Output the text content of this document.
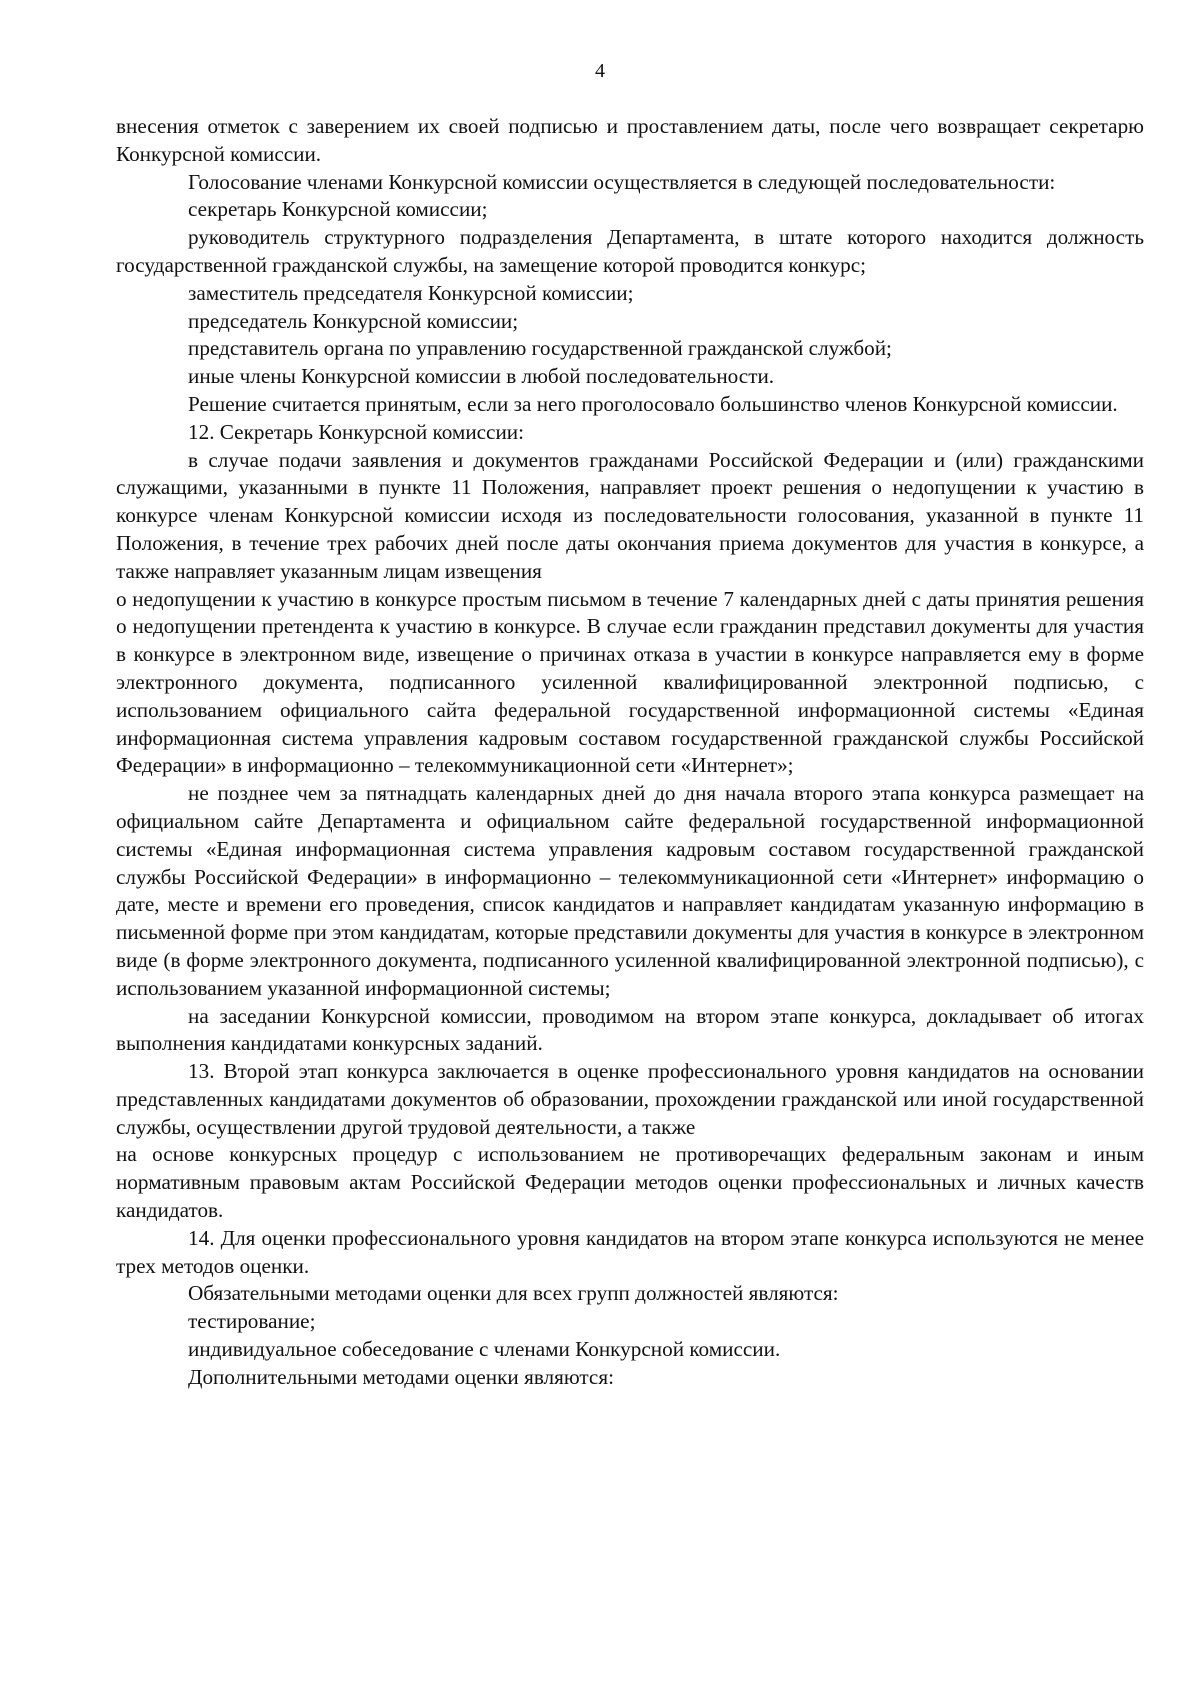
4

внесения отметок с заверением их своей подписью и проставлением даты, после чего возвращает секретарю Конкурсной комиссии.

Голосование членами Конкурсной комиссии осуществляется в следующей последовательности:

секретарь Конкурсной комиссии;

руководитель структурного подразделения Департамента, в штате которого находится должность государственной гражданской службы, на замещение которой проводится конкурс;

заместитель председателя Конкурсной комиссии;

председатель Конкурсной комиссии;

представитель органа по управлению государственной гражданской службой;

иные члены Конкурсной комиссии в любой последовательности.

Решение считается принятым, если за него проголосовало большинство членов Конкурсной комиссии.

12. Секретарь Конкурсной комиссии:

в случае подачи заявления и документов гражданами Российской Федерации и (или) гражданскими служащими, указанными в пункте 11 Положения, направляет проект решения о недопущении к участию в конкурсе членам Конкурсной комиссии исходя из последовательности голосования, указанной в пункте 11 Положения, в течение трех рабочих дней после даты окончания приема документов для участия в конкурсе, а также направляет указанным лицам извещения

о недопущении к участию в конкурсе простым письмом в течение 7 календарных дней с даты принятия решения о недопущении претендента к участию в конкурсе. В случае если гражданин представил документы для участия в конкурсе в электронном виде, извещение о причинах отказа в участии в конкурсе направляется ему в форме электронного документа, подписанного усиленной квалифицированной электронной подписью, с использованием официального сайта федеральной государственной информационной системы «Единая информационная система управления кадровым составом государственной гражданской службы Российской Федерации» в информационно – телекоммуникационной сети «Интернет»;

не позднее чем за пятнадцать календарных дней до дня начала второго этапа конкурса размещает на официальном сайте Департамента и официальном сайте федеральной государственной информационной системы «Единая информационная система управления кадровым составом государственной гражданской службы Российской Федерации» в информационно – телекоммуникационной сети «Интернет» информацию о дате, месте и времени его проведения, список кандидатов и направляет кандидатам указанную информацию в письменной форме при этом кандидатам, которые представили документы для участия в конкурсе в электронном виде (в форме электронного документа, подписанного усиленной квалифицированной электронной подписью), с использованием указанной информационной системы;

на заседании Конкурсной комиссии, проводимом на втором этапе конкурса, докладывает об итогах выполнения кандидатами конкурсных заданий.

13. Второй этап конкурса заключается в оценке профессионального уровня кандидатов на основании представленных кандидатами документов об образовании, прохождении гражданской или иной государственной службы, осуществлении другой трудовой деятельности, а также

на основе конкурсных процедур с использованием не противоречащих федеральным законам и иным нормативным правовым актам Российской Федерации методов оценки профессиональных и личных качеств кандидатов.

14. Для оценки профессионального уровня кандидатов на втором этапе конкурса используются не менее трех методов оценки.

Обязательными методами оценки для всех групп должностей являются:

тестирование;

индивидуальное собеседование с членами Конкурсной комиссии.

Дополнительными методами оценки являются:
